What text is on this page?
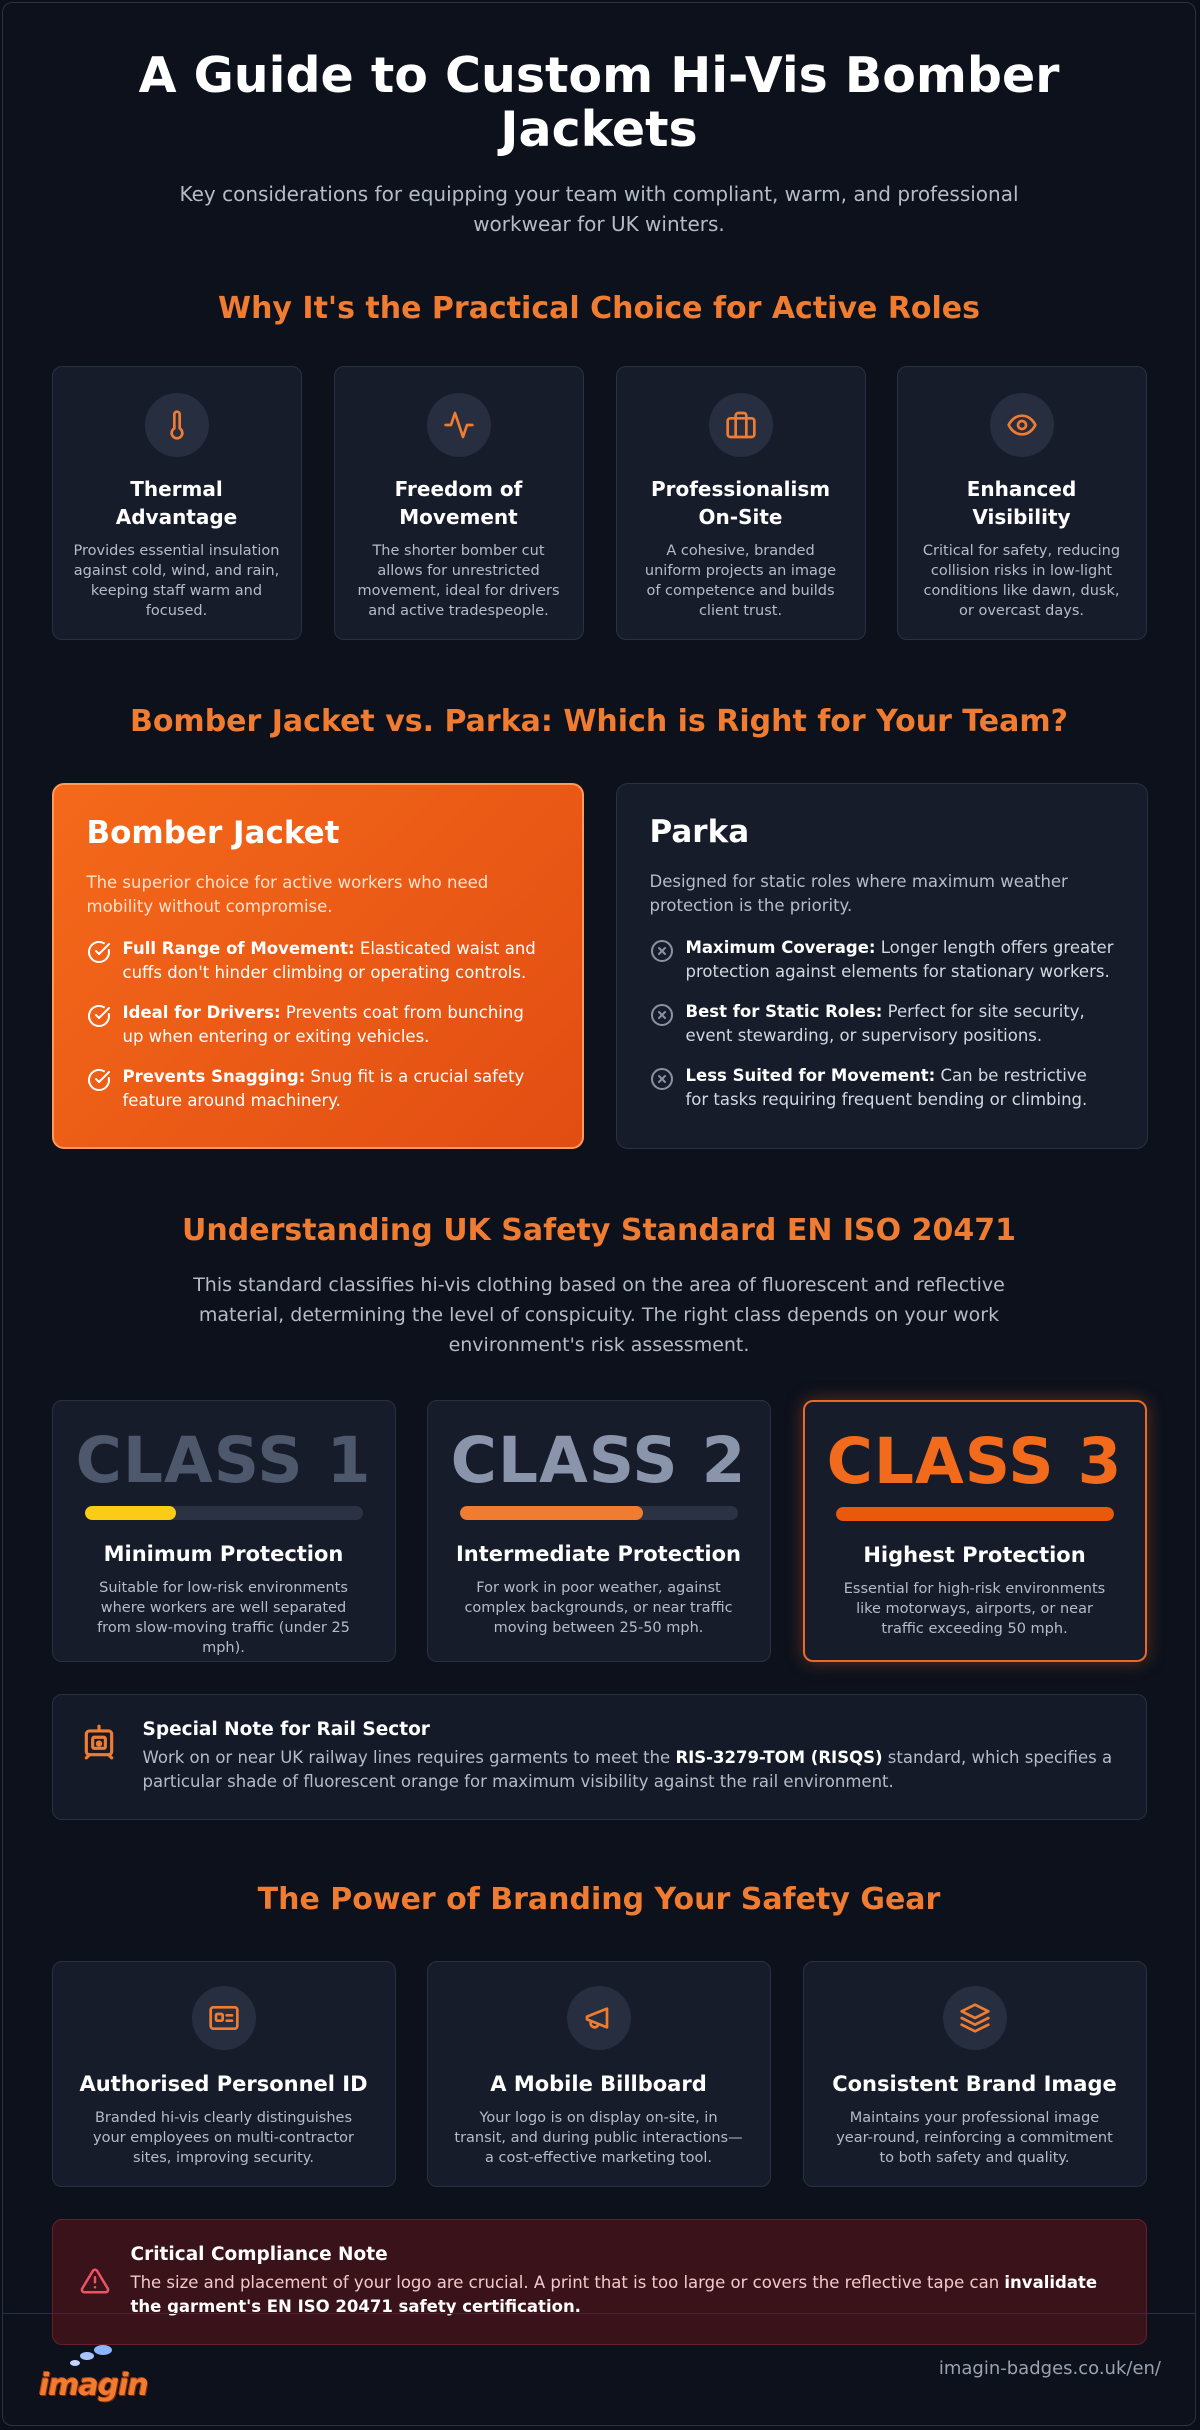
A Guide to Custom Hi-Vis Bomber Jackets
Key considerations for equipping your team with compliant, warm, and professional workwear for UK winters.
Why It's the Practical Choice for Active Roles
Thermal Advantage
Provides essential insulation against cold, wind, and rain, keeping staff warm and focused.
Freedom of Movement
The shorter bomber cut allows for unrestricted movement, ideal for drivers and active tradespeople.
Professionalism On-Site
A cohesive, branded uniform projects an image of competence and builds client trust.
Enhanced Visibility
Critical for safety, reducing collision risks in low-light conditions like dawn, dusk, or overcast days.
Bomber Jacket vs. Parka: Which is Right for Your Team?
Bomber Jacket
The superior choice for active workers who need mobility without compromise.
Full Range of Movement: Elasticated waist and cuffs don't hinder climbing or operating controls.
Ideal for Drivers: Prevents coat from bunching up when entering or exiting vehicles.
Prevents Snagging: Snug fit is a crucial safety feature around machinery.
Parka
Designed for static roles where maximum weather protection is the priority.
Maximum Coverage: Longer length offers greater protection against elements for stationary workers.
Best for Static Roles: Perfect for site security, event stewarding, or supervisory positions.
Less Suited for Movement: Can be restrictive for tasks requiring frequent bending or climbing.
Understanding UK Safety Standard EN ISO 20471
This standard classifies hi-vis clothing based on the area of fluorescent and reflective material, determining the level of conspicuity. The right class depends on your work environment's risk assessment.
CLASS 1
Minimum Protection
Suitable for low-risk environments where workers are well separated from slow-moving traffic (under 25 mph).
CLASS 2
Intermediate Protection
For work in poor weather, against complex backgrounds, or near traffic moving between 25-50 mph.
CLASS 3
Highest Protection
Essential for high-risk environments like motorways, airports, or near traffic exceeding 50 mph.
Special Note for Rail Sector
Work on or near UK railway lines requires garments to meet the RIS-3279-TOM (RISQS) standard, which specifies a particular shade of fluorescent orange for maximum visibility against the rail environment.
The Power of Branding Your Safety Gear
Authorised Personnel ID
Branded hi-vis clearly distinguishes your employees on multi-contractor sites, improving security.
A Mobile Billboard
Your logo is on display on-site, in transit, and during public interactions—a cost-effective marketing tool.
Consistent Brand Image
Maintains your professional image year-round, reinforcing a commitment to both safety and quality.
Critical Compliance Note
The size and placement of your logo are crucial. A print that is too large or covers the reflective tape can invalidate the garment's EN ISO 20471 safety certification.
imagin	imagin-badges.co.uk/en/
